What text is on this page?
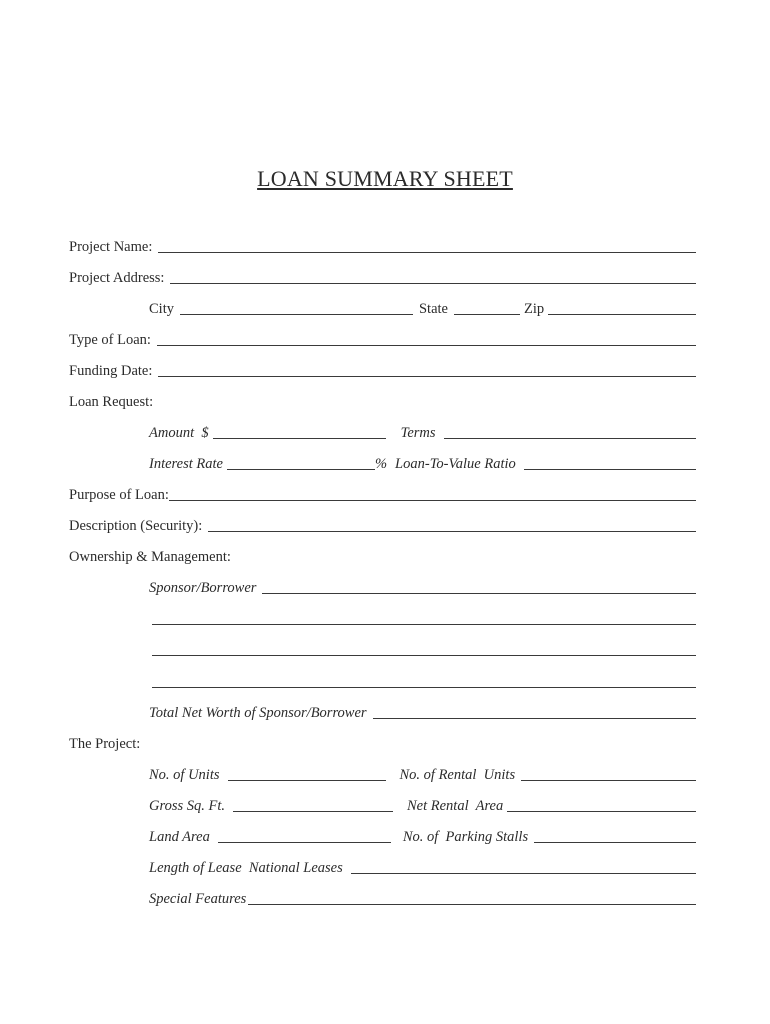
LOAN SUMMARY SHEET
Project Name:
Project Address:
City	State	Zip
Type of Loan:
Funding Date:
Loan Request:
Amount  $	Terms
Interest Rate	% Loan-To-Value Ratio
Purpose of Loan:
Description (Security):
Ownership & Management:
Sponsor/Borrower
Total Net Worth of Sponsor/Borrower
The Project:
No. of Units	No. of Rental  Units
Gross Sq. Ft.	Net Rental  Area
Land Area	No. of  Parking Stalls
Length of Lease  National Leases
Special Features
